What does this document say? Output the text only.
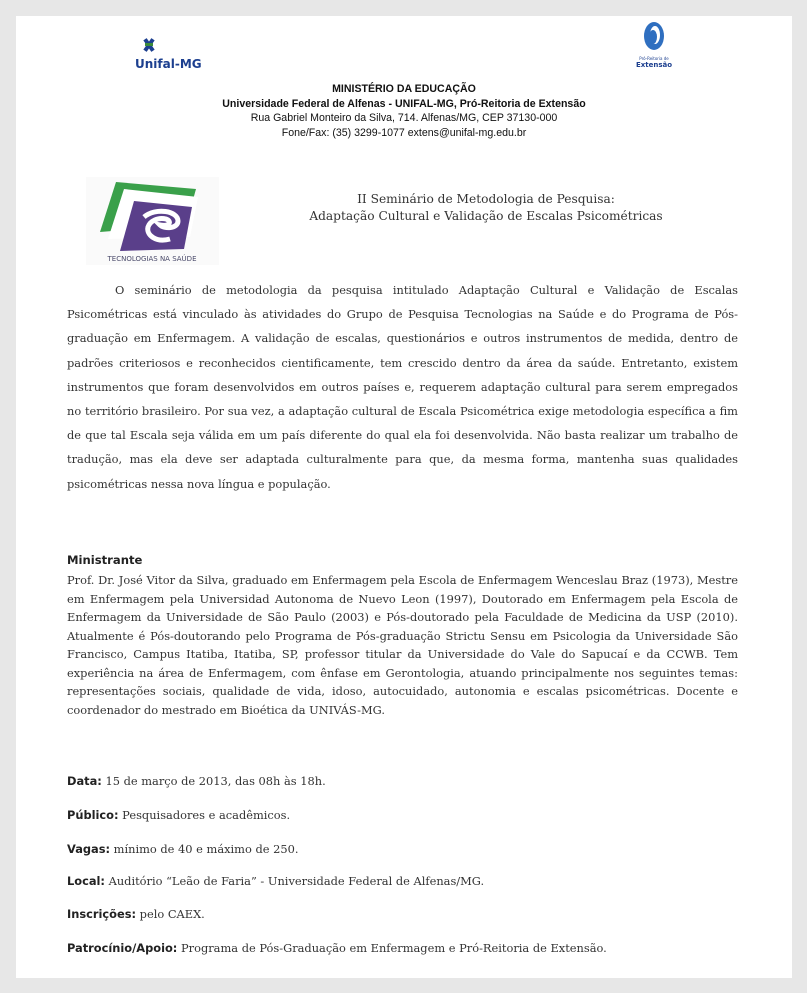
Unifal-MG	Pró-Reitoria de
Extensão
MINISTÉRIO DA EDUCAÇÃO
Universidade Federal de Alfenas - UNIFAL-MG, Pró-Reitoria de Extensão
Rua Gabriel Monteiro da Silva, 714. Alfenas/MG, CEP 37130-000
Fone/Fax: (35) 3299-1077 extens@unifal-mg.edu.br
TECNOLOGIAS NA SAÚDE
II Seminário de Metodologia de Pesquisa:
Adaptação Cultural e Validação de Escalas Psicométricas
O seminário de metodologia da pesquisa intitulado Adaptação Cultural e Validação de Escalas Psicométricas está vinculado às atividades do Grupo de Pesquisa Tecnologias na Saúde e do Programa de Pós-graduação em Enfermagem. A validação de escalas, questionários e outros instrumentos de medida, dentro de padrões criteriosos e reconhecidos cientificamente, tem crescido dentro da área da saúde. Entretanto, existem instrumentos que foram desenvolvidos em outros países e, requerem adaptação cultural para serem empregados no território brasileiro. Por sua vez, a adaptação cultural de Escala Psicométrica exige metodologia específica a fim de que tal Escala seja válida em um país diferente do qual ela foi desenvolvida. Não basta realizar um trabalho de tradução, mas ela deve ser adaptada culturalmente para que, da mesma forma, mantenha suas qualidades psicométricas nessa nova língua e população.
Ministrante
Prof. Dr. José Vitor da Silva, graduado em Enfermagem pela Escola de Enfermagem Wenceslau Braz (1973), Mestre em Enfermagem pela Universidad Autonoma de Nuevo Leon (1997), Doutorado em Enfermagem pela Escola de Enfermagem da Universidade de São Paulo (2003) e Pós-doutorado pela Faculdade de Medicina da USP (2010). Atualmente é Pós-doutorando pelo Programa de Pós-graduação Strictu Sensu em Psicologia da Universidade São Francisco, Campus Itatiba, Itatiba, SP, professor titular da Universidade do Vale do Sapucaí e da CCWB. Tem experiência na área de Enfermagem, com ênfase em Gerontologia, atuando principalmente nos seguintes temas: representações sociais, qualidade de vida, idoso, autocuidado, autonomia e escalas psicométricas. Docente e coordenador do mestrado em Bioética da UNIVÁS-MG.
Data: 15 de março de 2013, das 08h às 18h.
Público: Pesquisadores e acadêmicos.
Vagas: mínimo de 40 e máximo de 250.
Local: Auditório “Leão de Faria” - Universidade Federal de Alfenas/MG.
Inscrições: pelo CAEX.
Patrocínio/Apoio: Programa de Pós-Graduação em Enfermagem e Pró-Reitoria de Extensão.
